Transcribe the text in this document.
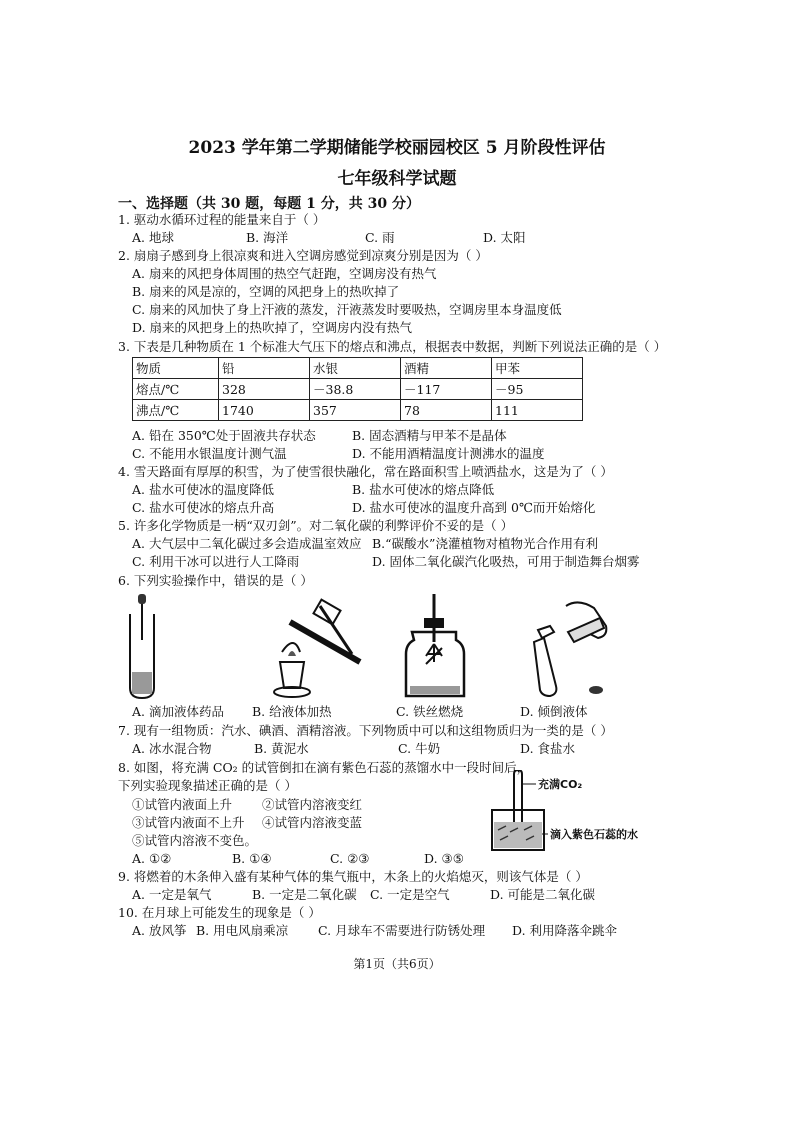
2023 学年第二学期储能学校丽园校区 5 月阶段性评估
七年级科学试题
一、选择题（共 30 题，每题 1 分，共 30 分）
1. 驱动水循环过程的能量来自于（ ）
A. 地球	B. 海洋	C. 雨	D. 太阳
2. 扇扇子感到身上很凉爽和进入空调房感觉到凉爽分别是因为（ ）
A. 扇来的风把身体周围的热空气赶跑，空调房没有热气
B. 扇来的风是凉的，空调的风把身上的热吹掉了
C. 扇来的风加快了身上汗液的蒸发，汗液蒸发时要吸热，空调房里本身温度低
D. 扇来的风把身上的热吹掉了，空调房内没有热气
3. 下表是几种物质在 1 个标准大气压下的熔点和沸点，根据表中数据，判断下列说法正确的是（ ）
物质	铅	水银	酒精	甲苯
熔点/℃	328	－38.8	－117	－95
沸点/℃	1740	357	78	111
A. 铅在 350℃处于固液共存状态	B. 固态酒精与甲苯不是晶体
C. 不能用水银温度计测气温	D. 不能用酒精温度计测沸水的温度
4. 雪天路面有厚厚的积雪，为了使雪很快融化，常在路面积雪上喷洒盐水，这是为了（ ）
A. 盐水可使冰的温度降低	B. 盐水可使冰的熔点降低
C. 盐水可使冰的熔点升高	D. 盐水可使冰的温度升高到 0℃而开始熔化
5. 许多化学物质是一柄“双刃剑”。对二氧化碳的利弊评价不妥的是（ ）
A. 大气层中二氧化碳过多会造成温室效应 B.“碳酸水”浇灌植物对植物光合作用有利
C. 利用干冰可以进行人工降雨	D. 固体二氧化碳汽化吸热，可用于制造舞台烟雾
6. 下列实验操作中，错误的是（ ）
A. 滴加液体药品 B. 给液体加热	C. 铁丝燃烧	D. 倾倒液体
7. 现有一组物质：汽水、碘酒、酒精溶液。下列物质中可以和这组物质归为一类的是（ ）
A. 冰水混合物	B. 黄泥水	C. 牛奶	D. 食盐水
8. 如图，将充满 CO₂ 的试管倒扣在滴有紫色石蕊的蒸馏水中一段时间后，
下列实验现象描述正确的是（ ）
①试管内液面上升 ②试管内溶液变红
③试管内液面不上升 ④试管内溶液变蓝
⑤试管内溶液不变色。
A. ①②	B. ①④	C. ②③	D. ③⑤
充满CO₂
滴入紫色石蕊的水
9. 将燃着的木条伸入盛有某种气体的集气瓶中，木条上的火焰熄灭，则该气体是（ ）
A. 一定是氧气	B. 一定是二氧化碳 C. 一定是空气	D. 可能是二氧化碳
10. 在月球上可能发生的现象是（ ）
A. 放风筝 B. 用电风扇乘凉 C. 月球车不需要进行防锈处理 D. 利用降落伞跳伞
第1页（共6页）
